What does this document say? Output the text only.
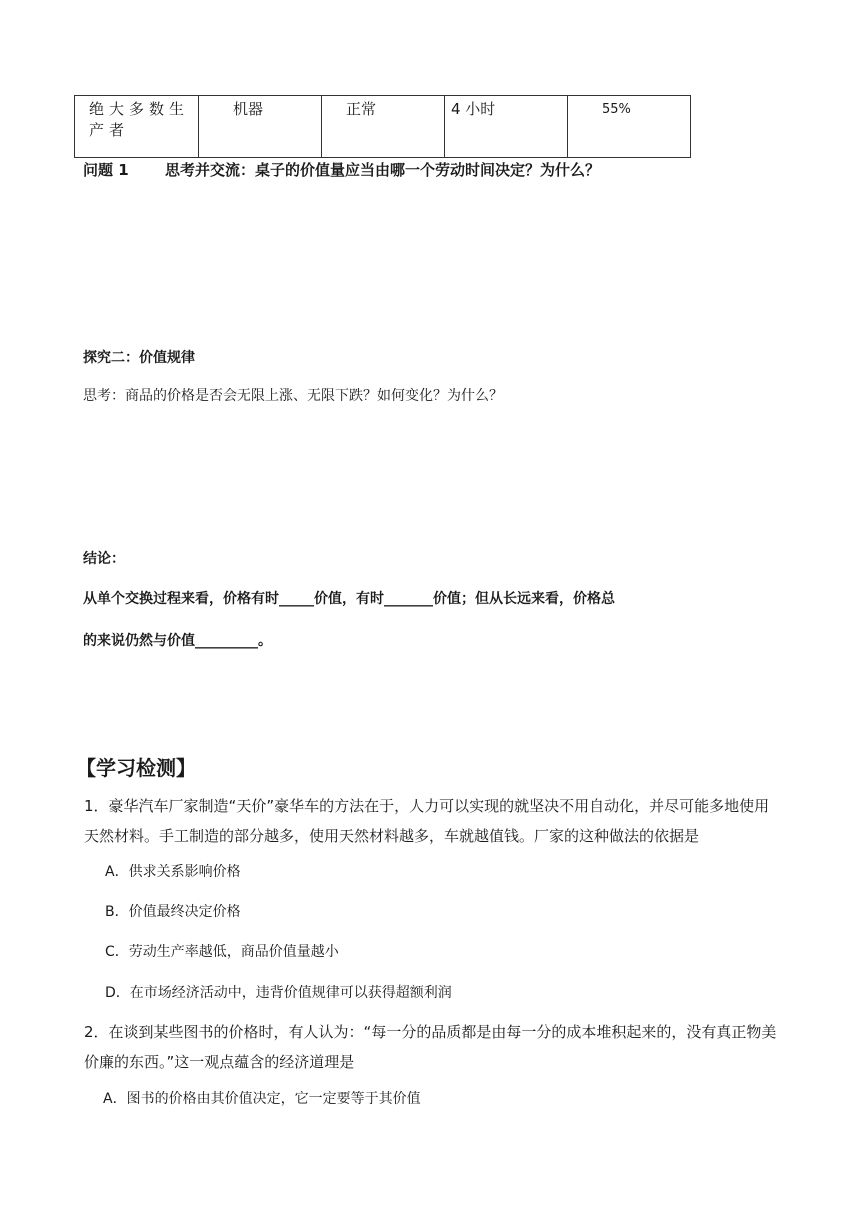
绝大多数生产者	机器	正常	4 小时	55%
问题 1 思考并交流：桌子的价值量应当由哪一个劳动时间决定？为什么？
探究二：价值规律
思考：商品的价格是否会无限上涨、无限下跌？如何变化？为什么？
结论：
从单个交换过程来看，价格有时_____价值，有时_______价值；但从长远来看，价格总
的来说仍然与价值_________。
【学习检测】
1．豪华汽车厂家制造“天价”豪华车的方法在于，人力可以实现的就坚决不用自动化，并尽可能多地使用天然材料。手工制造的部分越多，使用天然材料越多，车就越值钱。厂家的这种做法的依据是
A．供求关系影响价格
B．价值最终决定价格
C．劳动生产率越低，商品价值量越小
D．在市场经济活动中，违背价值规律可以获得超额利润
2．在谈到某些图书的价格时，有人认为：“每一分的品质都是由每一分的成本堆积起来的，没有真正物美价廉的东西。”这一观点蕴含的经济道理是
A．图书的价格由其价值决定，它一定要等于其价值
